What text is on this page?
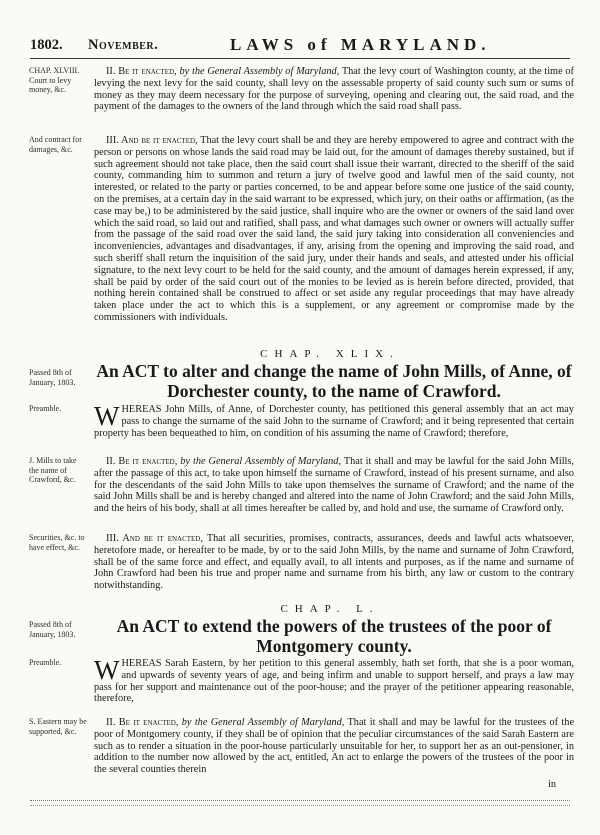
1802. November.	LAWS of MARYLAND.
CHAP. XLVIII. Court to levy money, &c.
II. Be it enacted, by the General Assembly of Maryland, That the levy court of Washington county, at the time of levying the next levy for the said county, shall levy on the assessable property of said county such sum or sums of money as they may deem necessary for the purpose of surveying, opening and clearing out, the said road, and the payment of the damages to the owners of the land through which the said road shall pass.
And contract for damages, &c.
III. And be it enacted, That the levy court shall be and they are hereby empowered to agree and contract with the person or persons on whose lands the said road may be laid out, for the amount of damages thereby sustained, but if such agreement should not take place, then the said court shall issue their warrant, directed to the sheriff of the said county, commanding him to summon and return a jury of twelve good and lawful men of the said county, not interested, or related to the party or parties concerned, to be and appear before some one justice of the said county, on the premises, at a certain day in the said warrant to be expressed, which jury, on their oaths or affirmation, (as the case may be,) to be administered by the said justice, shall inquire who are the owner or owners of the said land over which the said road, so laid out and ratified, shall pass, and what damages such owner or owners will actually suffer from the passage of the said road over the said land, the said jury taking into consideration all conveniencies and inconveniencies, advantages and disadvantages, if any, arising from the opening and improving the said road, and such sheriff shall return the inquisition of the said jury, under their hands and seals, and attested under his official signature, to the next levy court to be held for the said county, and the amount of damages herein expressed, if any, shall be paid by order of the said court out of the monies to be levied as is herein before directed, provided, that nothing herein contained shall be construed to affect or set aside any regular proceedings that may have already taken place under the act to which this is a supplement, or any agreement or compromise made by the commissioners with individuals.
CHAP. XLIX.
Passed 8th of January, 1803.
An ACT to alter and change the name of John Mills, of Anne, of Dorchester county, to the name of Crawford.
Preamble.	WHEREAS John Mills, of Anne, of Dorchester county, has petitioned this general assembly that an act may pass to change the surname of the said John to the surname of Crawford; and it being represented that certain property has been bequeathed to him, on condition of his assuming the name of Crawford; therefore,
J. Mills to take the name of Crawford, &c.
II. Be it enacted, by the General Assembly of Maryland, That it shall and may be lawful for the said John Mills, after the passage of this act, to take upon himself the surname of Crawford, instead of his present surname, and also for the descendants of the said John Mills to take upon themselves the surname of Crawford; and the name of the said John Mills shall be and is hereby changed and altered into the name of John Crawford; and the said John Mills, and the heirs of his body, shall at all times hereafter be called by, and hold and use, the surname of Crawford only.
Securities, &c. to have effect, &c.
III. And be it enacted, That all securities, promises, contracts, assurances, deeds and lawful acts whatsoever, heretofore made, or hereafter to be made, by or to the said John Mills, by the name and surname of John Crawford, shall be of the same force and effect, and equally avail, to all intents and purposes, as if the name and surname of John Crawford had been his true and proper name and surname from his birth, any law or custom to the contrary notwithstanding.
CHAP. L.
Passed 8th of January, 1803.	An ACT to extend the powers of the trustees of the poor of Montgomery county.
Preamble.	WHEREAS Sarah Eastern, by her petition to this general assembly, hath set forth, that she is a poor woman, and upwards of seventy years of age, and being infirm and unable to support herself, and prays a law may pass for her support and maintenance out of the poor-house; and the prayer of the petitioner appearing reasonable, therefore,
S. Eastern may be supported, &c.
II. Be it enacted, by the General Assembly of Maryland, That it shall and may be lawful for the trustees of the poor of Montgomery county, if they shall be of opinion that the peculiar circumstances of the said Sarah Eastern are such as to render a situation in the poor-house particularly unsuitable for her, to support her as an out-pensioner, in addition to the number now allowed by the act, entitled, An act to enlarge the powers of the trustees of the poor in the several counties therein
in
